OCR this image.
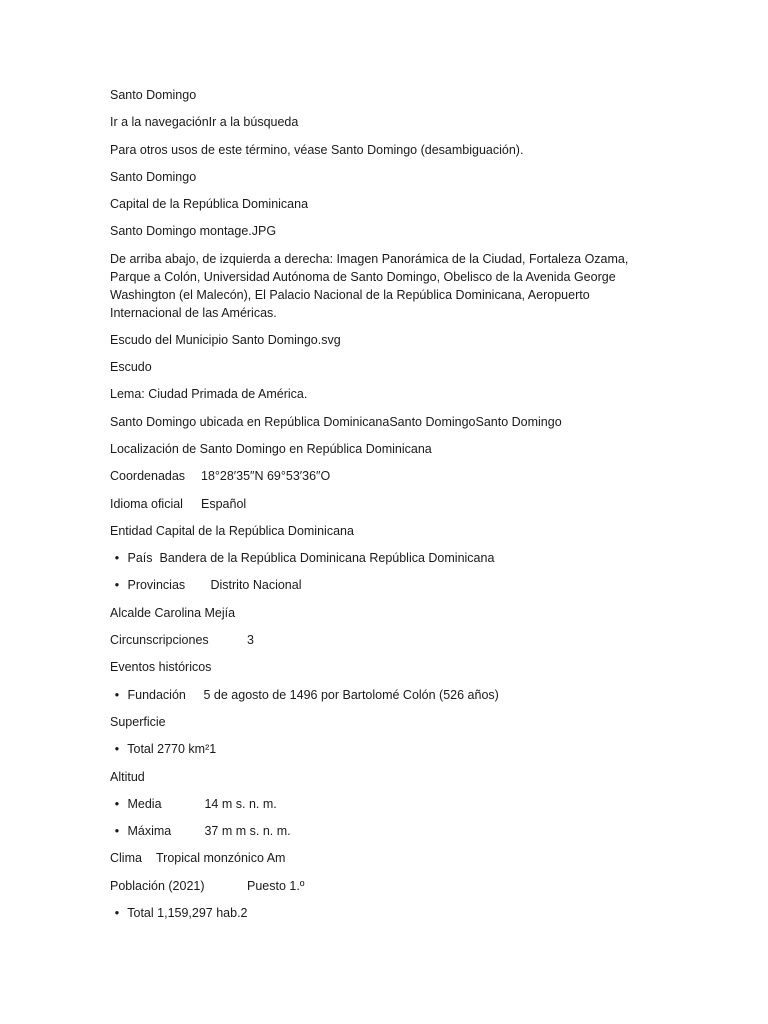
Santo Domingo

Ir a la navegaciónIr a la búsqueda

Para otros usos de este término, véase Santo Domingo (desambiguación).

Santo Domingo

Capital de la República Dominicana

Santo Domingo montage.JPG

De arriba abajo, de izquierda a derecha: Imagen Panorámica de la Ciudad, Fortaleza Ozama, Parque a Colón, Universidad Autónoma de Santo Domingo, Obelisco de la Avenida George Washington (el Malecón), El Palacio Nacional de la República Dominicana, Aeropuerto Internacional de las Américas.

Escudo del Municipio Santo Domingo.svg

Escudo

Lema: Ciudad Primada de América.

Santo Domingo ubicada en República DominicanaSanto DomingoSanto Domingo

Localización de Santo Domingo en República Dominicana

Coordenadas 18°28′35″N 69°53′36″O

Idioma oficial Español

Entidad Capital de la República Dominicana

• País Bandera de la República Dominicana República Dominicana

• Provincias Distrito Nacional

Alcalde Carolina Mejía

Circunscripciones	3

Eventos históricos

• Fundación 5 de agosto de 1496 por Bartolomé Colón (526 años)

Superficie

• Total 2770 km²1

Altitud

• Media	14 m s. n. m.

• Máxima	37 m m s. n. m.

Clima Tropical monzónico Am

Población (2021)	Puesto 1.º

• Total 1,159,297 hab.2
